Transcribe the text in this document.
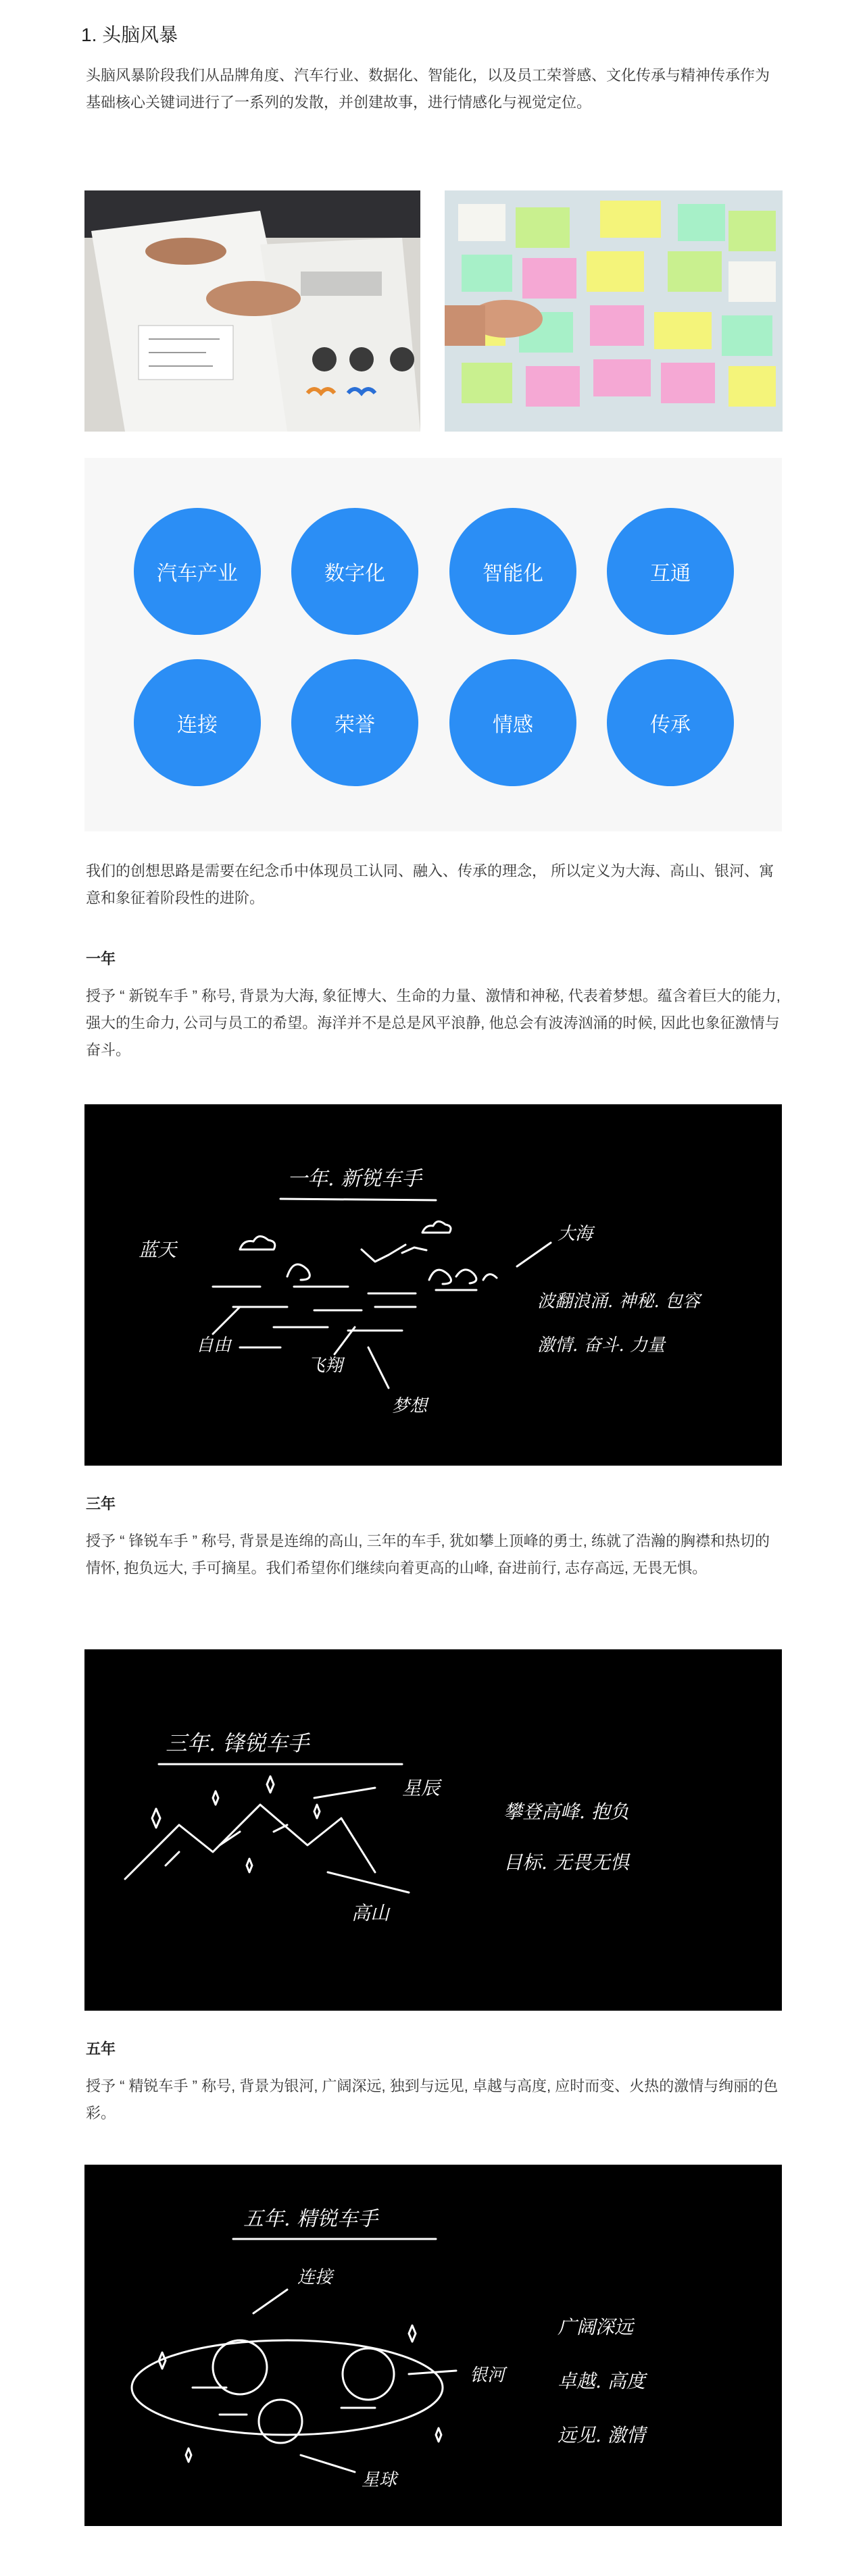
1. 头脑风暴
头脑风暴阶段我们从品牌角度、汽车行业、数据化、智能化，以及员工荣誉感、文化传承与精神传承作为基础核心关键词进行了一系列的发散，并创建故事，进行情感化与视觉定位。
汽车产业	数字化	智能化	互通
连接	荣誉	情感	传承
我们的创想思路是需要在纪念币中体现员工认同、融入、传承的理念， 所以定义为大海、高山、银河、寓意和象征着阶段性的进阶。
一年
授予 “ 新锐车手 ” 称号, 背景为大海, 象征博大、生命的力量、激情和神秘, 代表着梦想。蕴含着巨大的能力, 强大的生命力, 公司与员工的希望。海洋并不是总是风平浪静, 他总会有波涛汹涌的时候, 因此也象征激情与奋斗。
一年. 新锐车手
蓝天
大海
自由
飞翔
梦想
波翻浪涌. 神秘. 包容
激情. 奋斗. 力量
三年
授予 “ 锋锐车手 ” 称号, 背景是连绵的高山, 三年的车手, 犹如攀上顶峰的勇士, 练就了浩瀚的胸襟和热切的情怀, 抱负远大, 手可摘星。我们希望你们继续向着更高的山峰, 奋进前行, 志存高远, 无畏无惧。
三年. 锋锐车手
星辰
高山
攀登高峰. 抱负
目标. 无畏无惧
五年
授予 “ 精锐车手 ” 称号, 背景为银河, 广阔深远, 独到与远见, 卓越与高度, 应时而变、火热的激情与绚丽的色彩。
五年. 精锐车手
连接
银河
星球
广阔深远
卓越. 高度
远见. 激情
